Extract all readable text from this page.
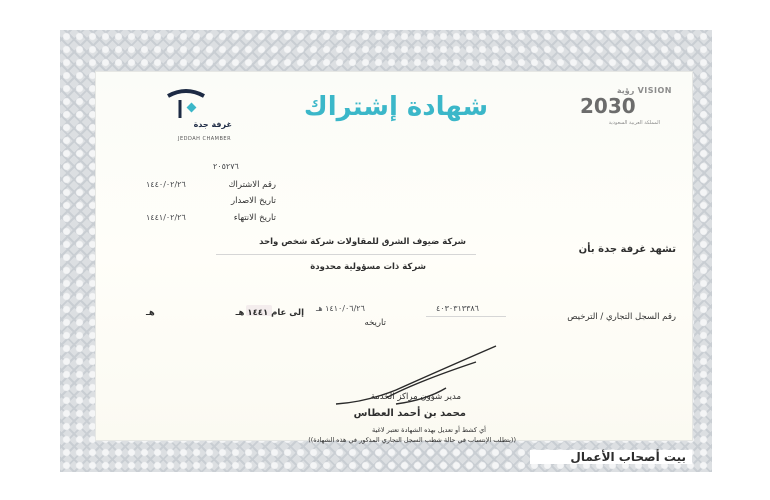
VISION رؤية
2030
المملكة العربية السعودية
شهادة إشتراك
غرفة جدة
JEDDAH CHAMBER
٢٠٥٢٧٦
رقم الاشتراك
١٤٤٠/٠٢/٢٦
تاريخ الاصدار
تاريخ الانتهاء
١٤٤١/٠٢/٢٦
تشهد غرفة جدة بأن
شركة ضيوف الشرق للمقاولات شركة شخص واحد
شركة ذات مسؤولية محدودة
رقم السجل التجاري / الترخيص
٤٠٣٠٣١٣٣٨٦
١٤١٠/٠٦/٢٦ هـ
تاريخه
إلى عام ١٤٤١ هـ
هـ
مدير شؤون مراكز الخدمة
محمد بن أحمد العطاس
أي كشط أو تعديل بهذه الشهادة تعتبر لاغية
((يتطلب الإنتساب في حالة شطب السجل التجاري المذكور في هذه الشهادة))
بيت أصحاب الأعمال
